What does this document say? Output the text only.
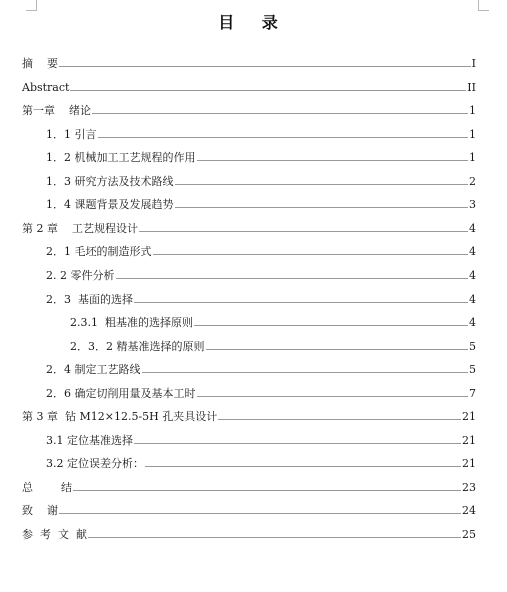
目 录
摘    要	I
Abstract	II
第一章    绪论	1
1．1 引言	1
1．2 机械加工工艺规程的作用	1
1．3 研究方法及技术路线	2
1．4 课题背景及发展趋势	3
第 2 章    工艺规程设计	4
2．1 毛坯的制造形式	4
2. 2 零件分析	4
2．3  基面的选择	4
2.3.1  粗基准的选择原则	4
2．3．2 精基准选择的原则	5
2．4 制定工艺路线	5
2．6 确定切削用量及基本工时	7
第 3 章  钻 M12×12.5-5H 孔夹具设计	21
3.1 定位基准选择	21
3.2 定位误差分析：	21
总        结	23
致    谢	24
参  考  文  献	25
